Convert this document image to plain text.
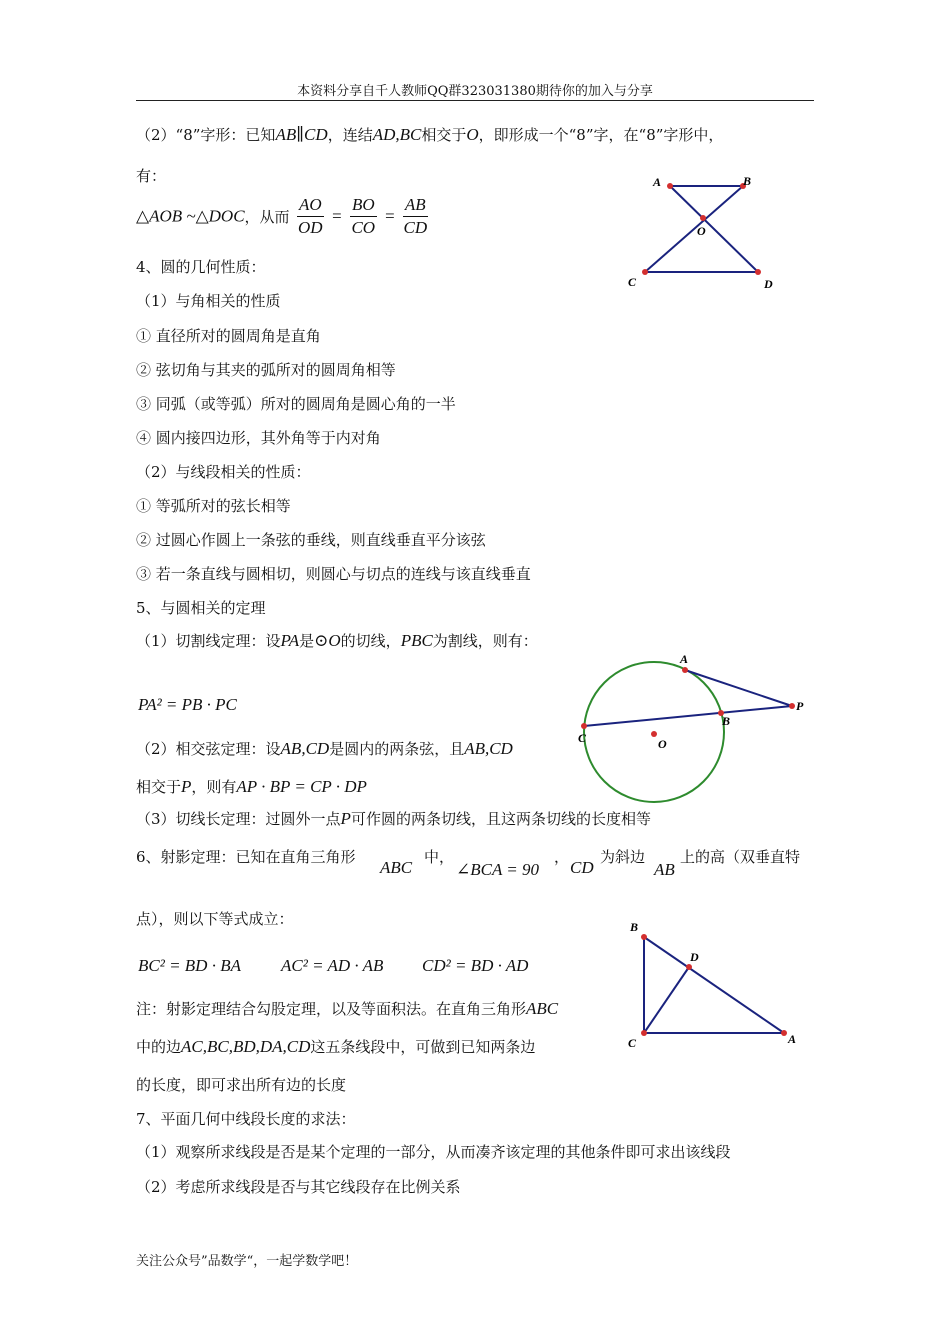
本资料分享自千人教师QQ群323031380期待你的加入与分享
（2）“8”字形：已知AB∥CD，连结AD,BC相交于O，即形成一个“8”字，在“8”字形中，
有：
△AOB ~△DOC，从而 $\frac{AO}{OD} = \frac{BO}{CO} = \frac{AB}{CD}$
A	B
O
C	D
4、圆的几何性质：
（1）与角相关的性质
① 直径所对的圆周角是直角
② 弦切角与其夹的弧所对的圆周角相等
③ 同弧（或等弧）所对的圆周角是圆心角的一半
④ 圆内接四边形，其外角等于内对角
（2）与线段相关的性质：
① 等弧所对的弦长相等
② 过圆心作圆上一条弦的垂线，则直线垂直平分该弦
③ 若一条直线与圆相切，则圆心与切点的连线与该直线垂直
5、与圆相关的定理
（1）切割线定理：设PA是⊙O的切线，PBC为割线，则有：
PA² = PB · PC
（2）相交弦定理：设AB,CD是圆内的两条弦，且AB,CD
相交于P，则有AP · BP = CP · DP
（3）切线长定理：过圆外一点P可作圆的两条切线，且这两条切线的长度相等
A
P
B
C	O
6、射影定理：已知在直角三角形
ABC
中，
∠BCA = 90
，
CD
为斜边
AB
上的高（双垂直特
点），则以下等式成立：
BC² = BD · BA AC² = AD · AB CD² = BD · AD
注：射影定理结合勾股定理，以及等面积法。在直角三角形ABC
中的边AC,BC,BD,DA,CD这五条线段中，可做到已知两条边
的长度，即可求出所有边的长度
B
D
C	A
7、平面几何中线段长度的求法：
（1）观察所求线段是否是某个定理的一部分，从而凑齐该定理的其他条件即可求出该线段
（2）考虑所求线段是否与其它线段存在比例关系
关注公众号”品数学“，一起学数学吧！
